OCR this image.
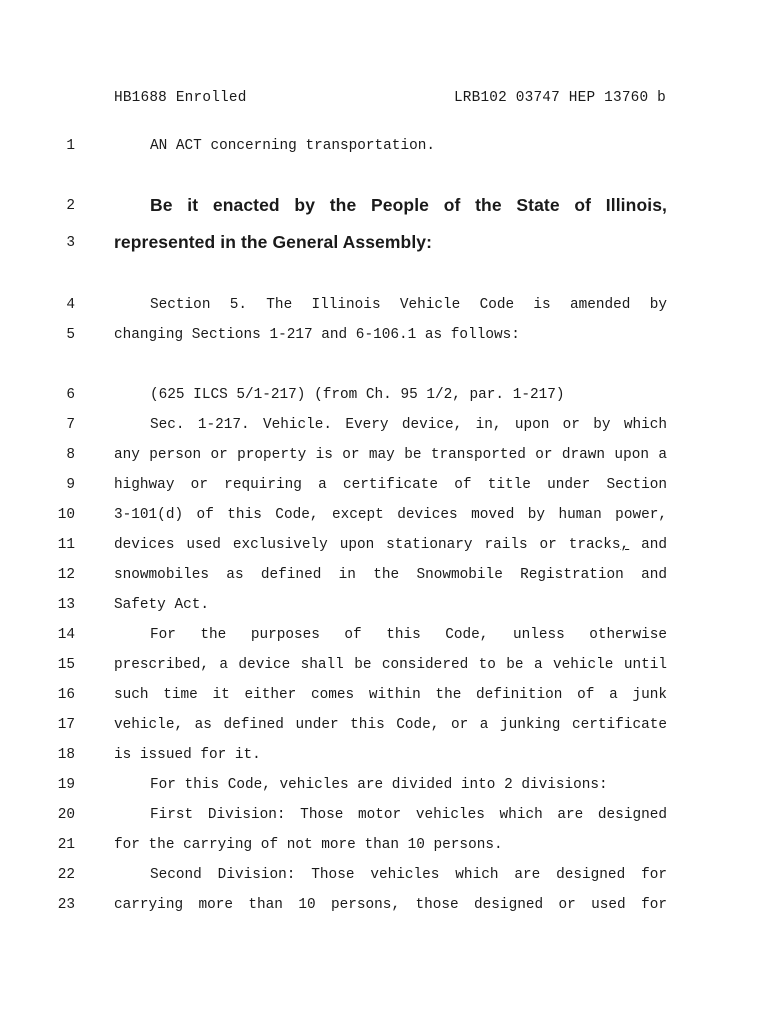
HB1688 Enrolled	LRB102 03747 HEP 13760 b
1	AN ACT concerning transportation.
2	Be it enacted by the People of the State of Illinois,
3 represented in the General Assembly:
4	Section 5. The Illinois Vehicle Code is amended by
5	changing Sections 1-217 and 6-106.1 as follows:
6	(625 ILCS 5/1-217) (from Ch. 95 1/2, par. 1-217)
7	Sec. 1-217. Vehicle. Every device, in, upon or by which
8	any person or property is or may be transported or drawn upon a
9	highway or requiring a certificate of title under Section
10	3-101(d) of this Code, except devices moved by human power,
11	devices used exclusively upon stationary rails or tracks, and
12	snowmobiles as defined in the Snowmobile Registration and
13	Safety Act.
14	For the purposes of this Code, unless otherwise
15	prescribed, a device shall be considered to be a vehicle until
16	such time it either comes within the definition of a junk
17	vehicle, as defined under this Code, or a junking certificate
18	is issued for it.
19	For this Code, vehicles are divided into 2 divisions:
20	First Division: Those motor vehicles which are designed
21	for the carrying of not more than 10 persons.
22	Second Division: Those vehicles which are designed for
23	carrying more than 10 persons, those designed or used for
